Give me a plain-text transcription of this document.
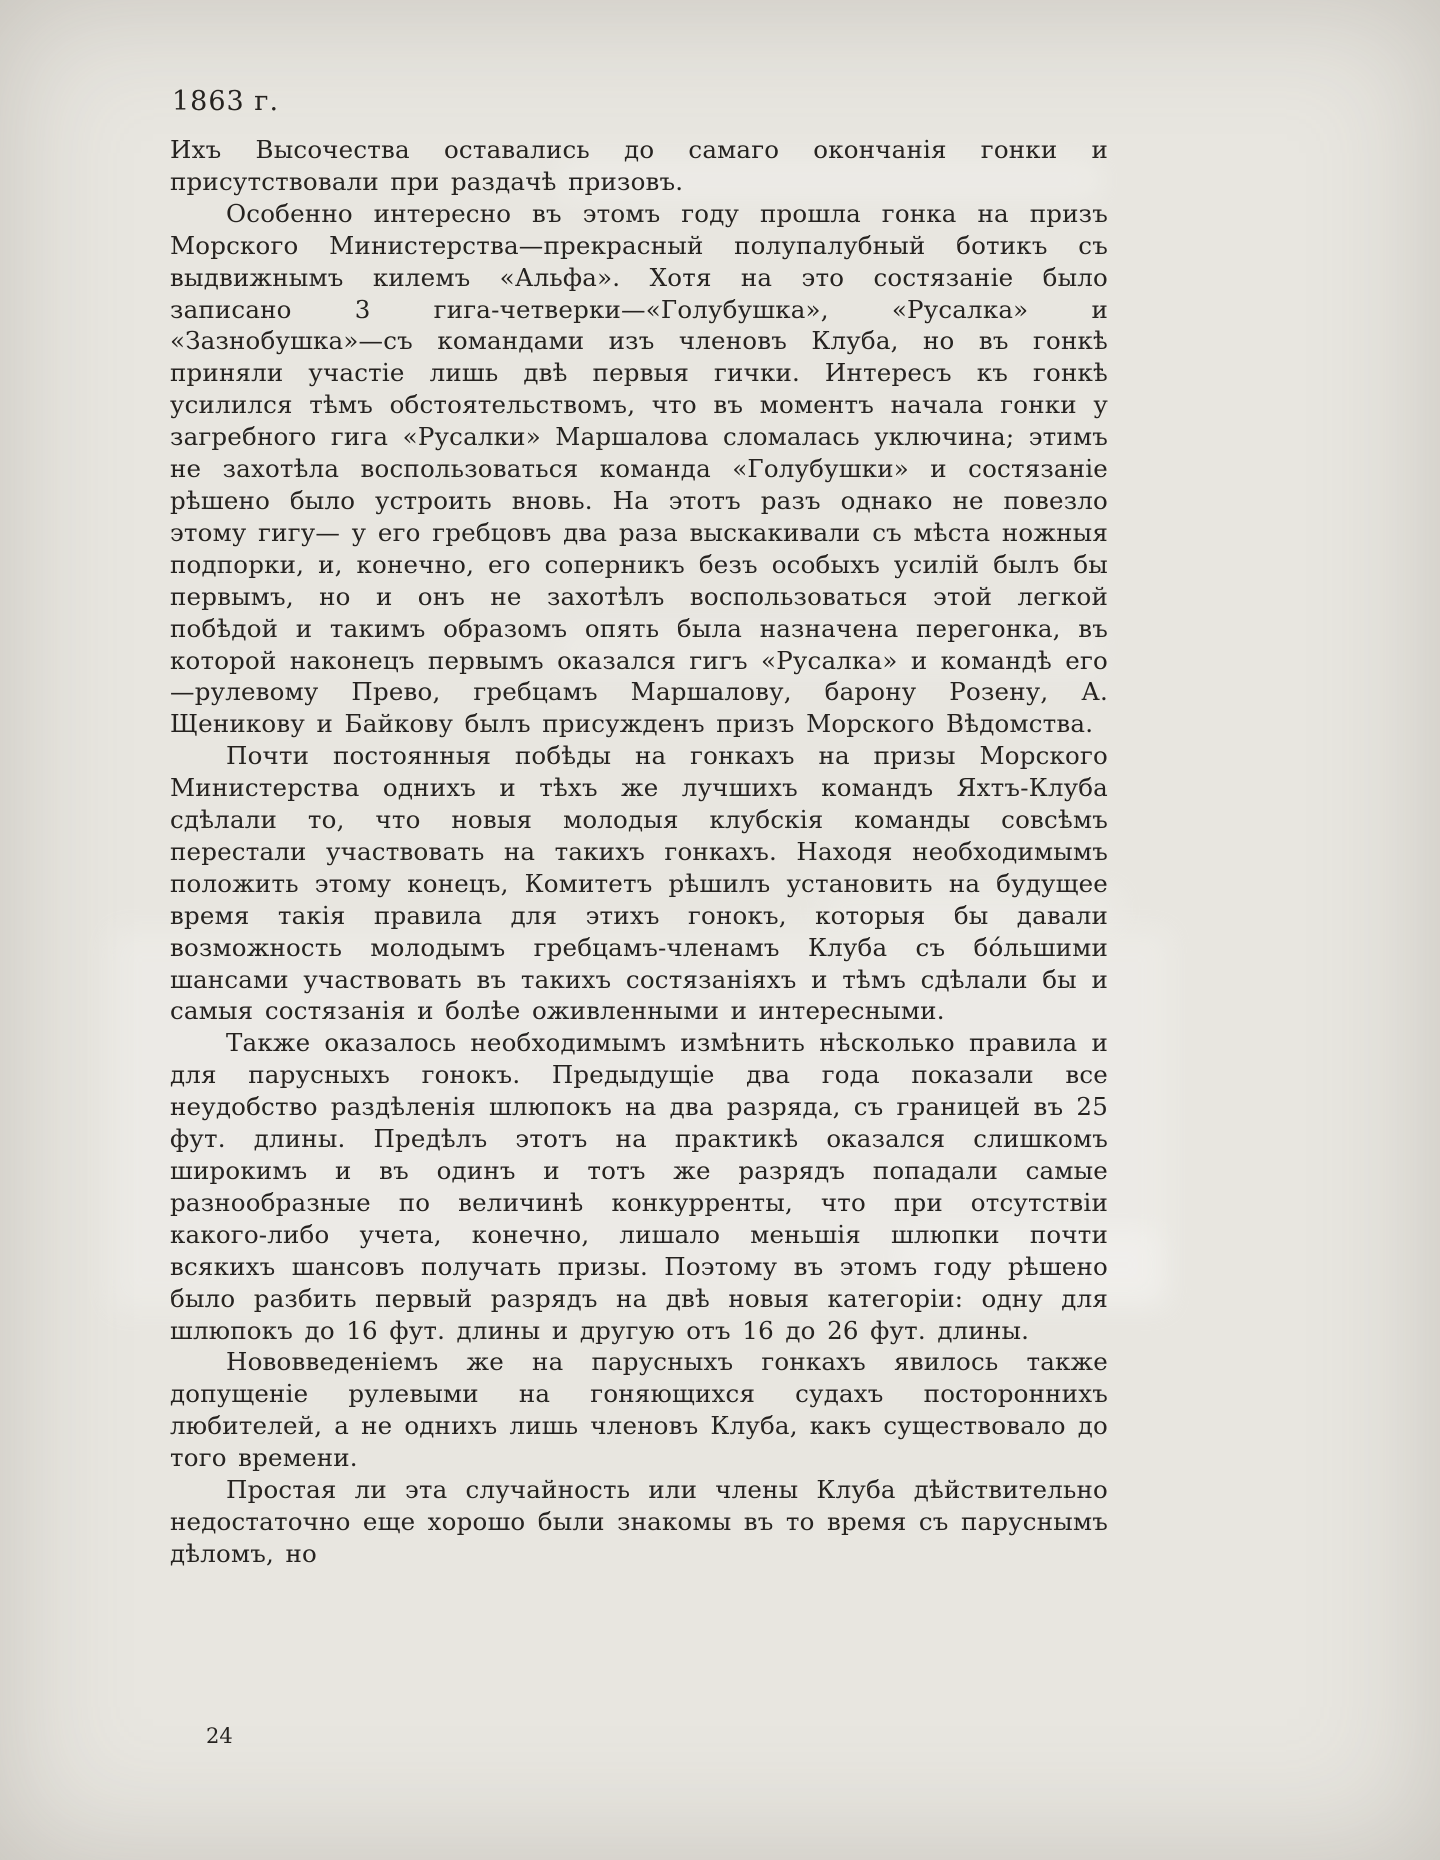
1863 г.

Ихъ Высочества оставались до самаго окончанія гонки и присутствовали при раздачѣ призовъ.

Особенно интересно въ этомъ году прошла гонка на призъ Морского Министерства—прекрасный полупалубный ботикъ съ выдвижнымъ килемъ «Альфа». Хотя на это состязаніе было записано 3 гига-четверки—«Голубушка», «Русалка» и «Зазнобушка»—съ командами изъ членовъ Клуба, но въ гонкѣ приняли участіе лишь двѣ первыя гички. Интересъ къ гонкѣ усилился тѣмъ обстоятельствомъ, что въ моментъ начала гонки у загребного гига «Русалки» Маршалова сломалась уключина; этимъ не захотѣла воспользоваться команда «Голубушки» и состязаніе рѣшено было устроить вновь. На этотъ разъ однако не повезло этому гигу— у его гребцовъ два раза выскакивали съ мѣста ножныя подпорки, и, конечно, его соперникъ безъ особыхъ усилій былъ бы первымъ, но и онъ не захотѣлъ воспользоваться этой легкой побѣдой и такимъ образомъ опять была назначена перегонка, въ которой наконецъ первымъ оказался гигъ «Русалка» и командѣ его—рулевому Прево, гребцамъ Маршалову, барону Розену, А. Щеникову и Байкову былъ присужденъ призъ Морского Вѣдомства.

Почти постоянныя побѣды на гонкахъ на призы Морского Министерства однихъ и тѣхъ же лучшихъ командъ Яхтъ-Клуба сдѣлали то, что новыя молодыя клубскія команды совсѣмъ перестали участвовать на такихъ гонкахъ. Находя необходимымъ положить этому конецъ, Комитетъ рѣшилъ установить на будущее время такія правила для этихъ гонокъ, которыя бы давали возможность молодымъ гребцамъ-членамъ Клуба съ бо́льшими шансами участвовать въ такихъ состязаніяхъ и тѣмъ сдѣлали бы и самыя состязанія и болѣе оживленными и интересными.

Также оказалось необходимымъ измѣнить нѣсколько правила и для парусныхъ гонокъ. Предыдущіе два года показали все неудобство раздѣленія шлюпокъ на два разряда, съ границей въ 25 фут. длины. Предѣлъ этотъ на практикѣ оказался слишкомъ широкимъ и въ одинъ и тотъ же разрядъ попадали самые разнообразные по величинѣ конкурренты, что при отсутствіи какого-либо учета, конечно, лишало меньшія шлюпки почти всякихъ шансовъ получать призы. Поэтому въ этомъ году рѣшено было разбить первый разрядъ на двѣ новыя категоріи: одну для шлюпокъ до 16 фут. длины и другую отъ 16 до 26 фут. длины.

Нововведеніемъ же на парусныхъ гонкахъ явилось также допущеніе рулевыми на гоняющихся судахъ постороннихъ любителей, а не однихъ лишь членовъ Клуба, какъ существовало до того времени.

Простая ли эта случайность или члены Клуба дѣйствительно недостаточно еще хорошо были знакомы въ то время съ паруснымъ дѣломъ, но

24
